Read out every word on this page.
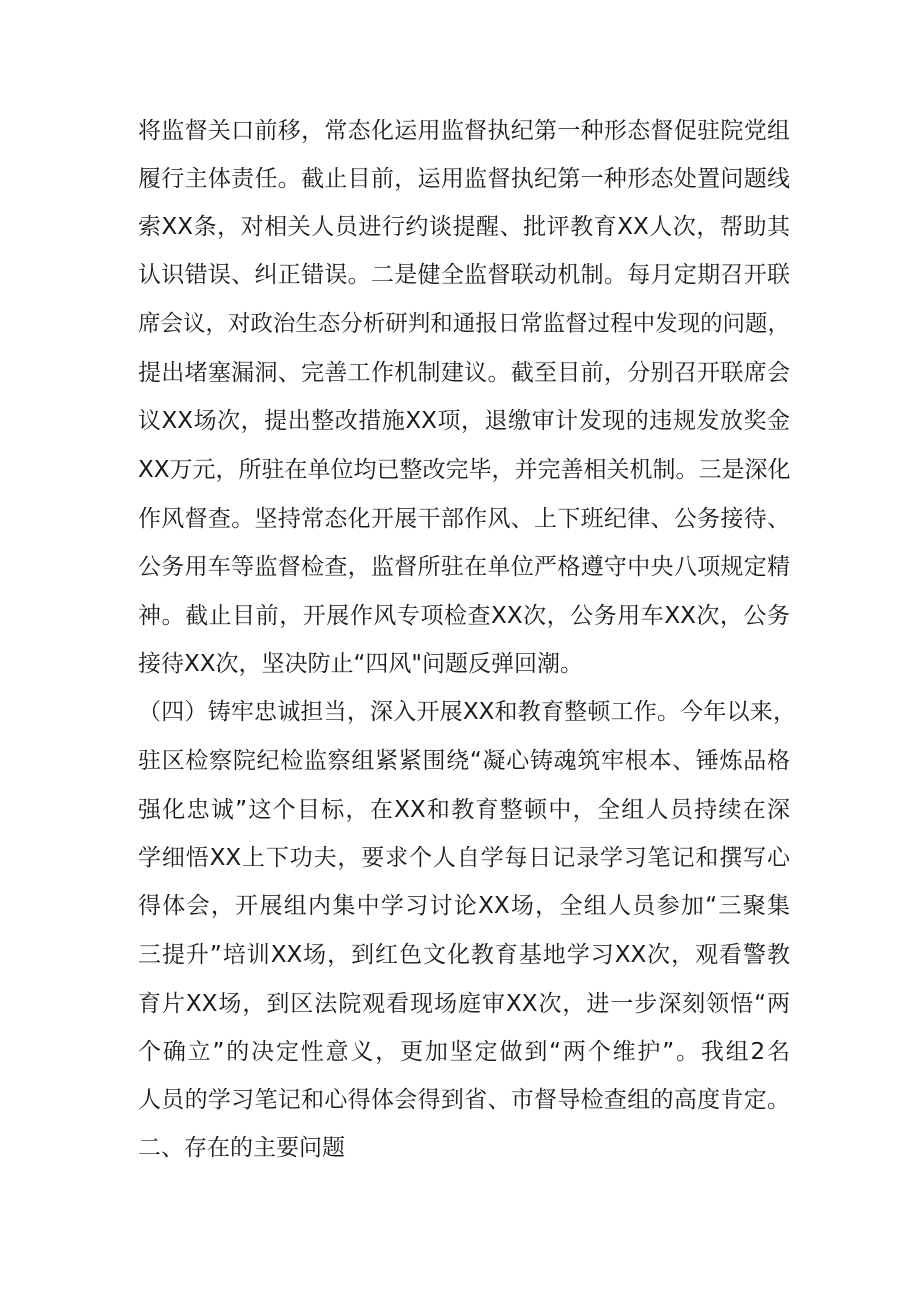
将监督关口前移，常态化运用监督执纪第一种形态督促驻院党组
履行主体责任。截止目前，运用监督执纪第一种形态处置问题线
索XX条，对相关人员进行约谈提醒、批评教育XX人次，帮助其
认识错误、纠正错误。二是健全监督联动机制。每月定期召开联
席会议，对政治生态分析研判和通报日常监督过程中发现的问题，
提出堵塞漏洞、完善工作机制建议。截至目前，分别召开联席会
议XX场次，提出整改措施XX项，退缴审计发现的违规发放奖金
XX万元，所驻在单位均已整改完毕，并完善相关机制。三是深化
作风督查。坚持常态化开展干部作风、上下班纪律、公务接待、
公务用车等监督检查，监督所驻在单位严格遵守中央八项规定精
神。截止目前，开展作风专项检查XX次，公务用车XX次，公务
接待XX次，坚决防止“四风"问题反弹回潮。
（四）铸牢忠诚担当，深入开展XX和教育整顿工作。今年以来，
驻区检察院纪检监察组紧紧围绕“凝心铸魂筑牢根本、锤炼品格
强化忠诚”这个目标，在XX和教育整顿中，全组人员持续在深
学细悟XX上下功夫，要求个人自学每日记录学习笔记和撰写心
得体会，开展组内集中学习讨论XX场，全组人员参加“三聚集
三提升”培训XX场，到红色文化教育基地学习XX次，观看警教
育片XX场，到区法院观看现场庭审XX次，进一步深刻领悟“两
个确立”的决定性意义，更加坚定做到“两个维护”。我组2名
人员的学习笔记和心得体会得到省、市督导检查组的高度肯定。
二、存在的主要问题
